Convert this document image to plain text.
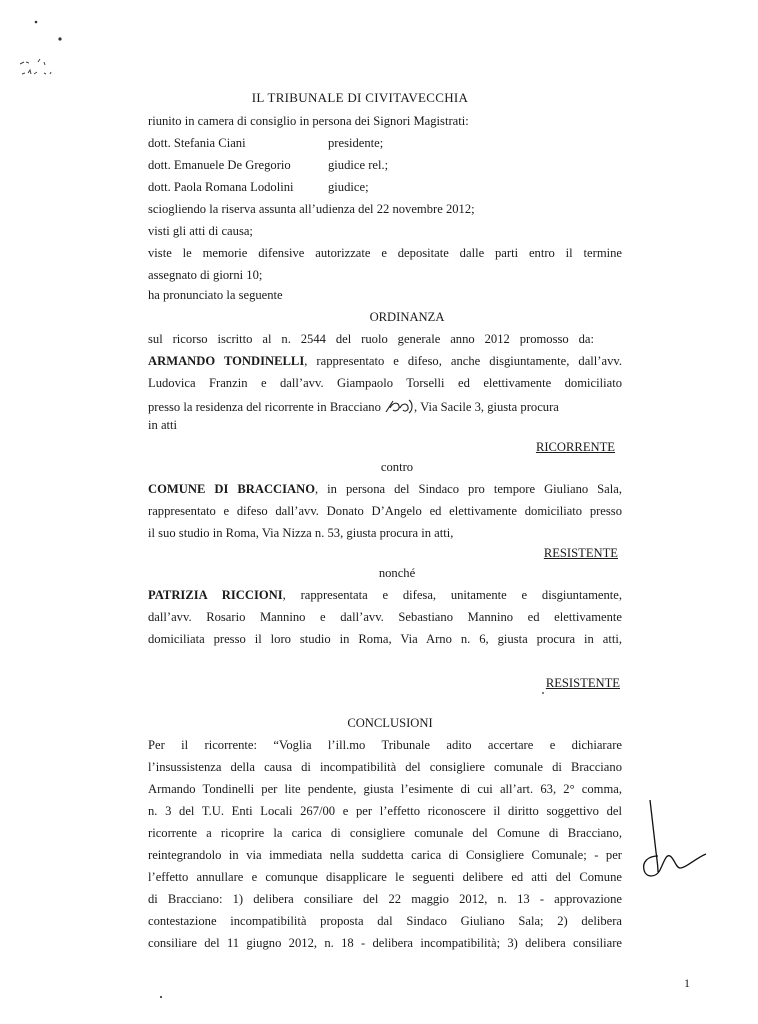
IL TRIBUNALE DI CIVITAVECCHIA
riunito in camera di consiglio in persona dei Signori Magistrati:
dott. Stefania Ciani	presidente;
dott. Emanuele De Gregorio	giudice rel.;
dott. Paola Romana Lodolini	giudice;
sciogliendo la riserva assunta all’udienza del 22 novembre 2012;
visti gli atti di causa;
viste le memorie difensive autorizzate e depositate dalle parti entro il termine
assegnato di giorni 10;
ha pronunciato la seguente
ORDINANZA
sul ricorso iscritto al n. 2544 del ruolo generale anno 2012 promosso da:
ARMANDO TONDINELLI, rappresentato e difeso, anche disgiuntamente, dall’avv.
Ludovica Franzin e dall’avv. Giampaolo Torselli ed elettivamente domiciliato
presso la residenza del ricorrente in Bracciano	, Via Sacile 3, giusta procura
in atti
RICORRENTE
contro
COMUNE DI BRACCIANO, in persona del Sindaco pro tempore Giuliano Sala,
rappresentato e difeso dall’avv. Donato D’Angelo ed elettivamente domiciliato presso
il suo studio in Roma, Via Nizza n. 53, giusta procura in atti,
RESISTENTE
nonché
PATRIZIA RICCIONI, rappresentata e difesa, unitamente e disgiuntamente,
dall’avv. Rosario Mannino e dall’avv. Sebastiano Mannino ed elettivamente
domiciliata presso il loro studio in Roma, Via Arno n. 6, giusta procura in atti,
RESISTENTE
CONCLUSIONI
Per il ricorrente: “Voglia l’ill.mo Tribunale adito accertare e dichiarare
l’insussistenza della causa di incompatibilità del consigliere comunale di Bracciano
Armando Tondinelli per lite pendente, giusta l’esimente di cui all’art. 63, 2° comma,
n. 3 del T.U. Enti Locali 267/00 e per l’effetto riconoscere il diritto soggettivo del
ricorrente a ricoprire la carica di consigliere comunale del Comune di Bracciano,
reintegrandolo in via immediata nella suddetta carica di Consigliere Comunale; - per
l’effetto annullare e comunque disapplicare le seguenti delibere ed atti del Comune
di Bracciano: 1) delibera consiliare del 22 maggio 2012, n. 13 - approvazione
contestazione incompatibilità proposta dal Sindaco Giuliano Sala; 2) delibera
consiliare del 11 giugno 2012, n. 18 - delibera incompatibilità; 3) delibera consiliare
1
